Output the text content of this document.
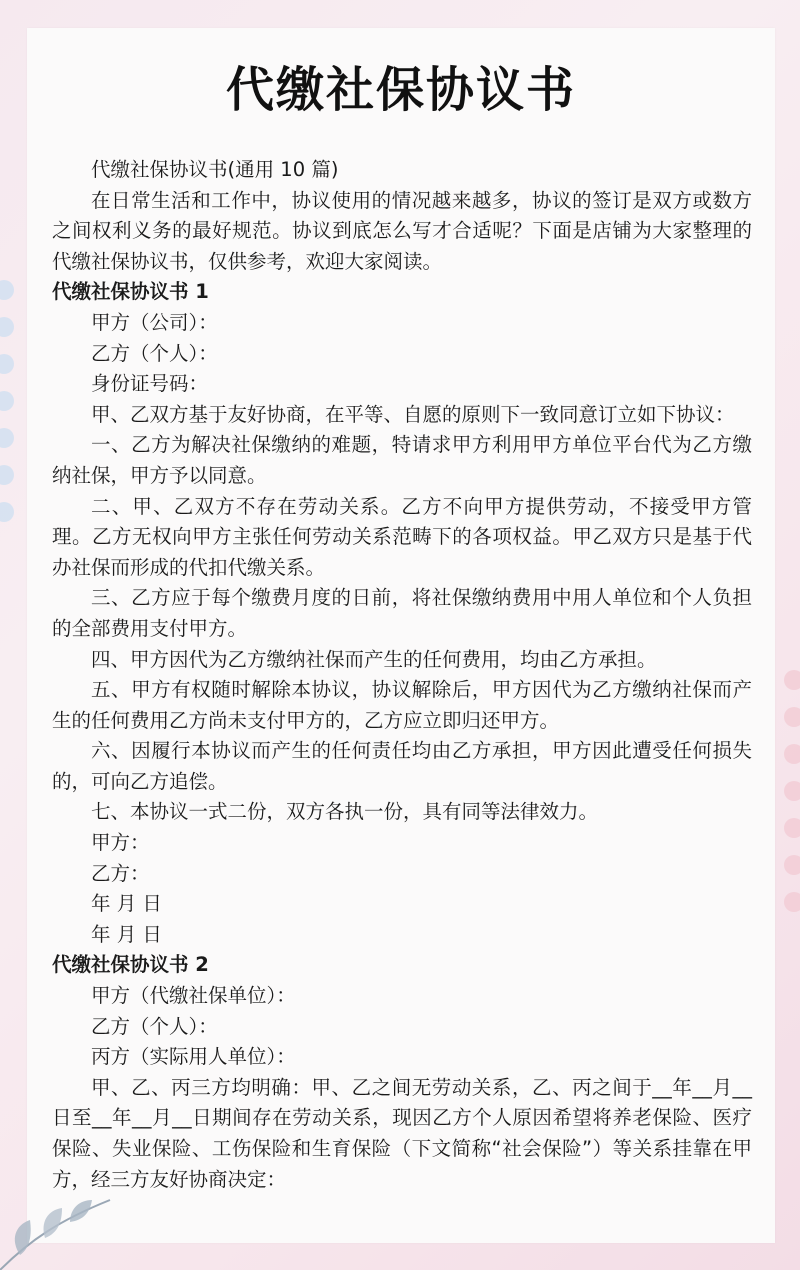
代缴社保协议书

代缴社保协议书(通用 10 篇)

在日常生活和工作中，协议使用的情况越来越多，协议的签订是双方或数方之间权利义务的最好规范。协议到底怎么写才合适呢？下面是店铺为大家整理的代缴社保协议书，仅供参考，欢迎大家阅读。

代缴社保协议书 1

甲方（公司）：

乙方（个人）：

身份证号码：

甲、乙双方基于友好协商，在平等、自愿的原则下一致同意订立如下协议：

一、乙方为解决社保缴纳的难题，特请求甲方利用甲方单位平台代为乙方缴纳社保，甲方予以同意。

二、甲、乙双方不存在劳动关系。乙方不向甲方提供劳动，不接受甲方管理。乙方无权向甲方主张任何劳动关系范畴下的各项权益。甲乙双方只是基于代办社保而形成的代扣代缴关系。

三、乙方应于每个缴费月度的日前，将社保缴纳费用中用人单位和个人负担的全部费用支付甲方。

四、甲方因代为乙方缴纳社保而产生的任何费用，均由乙方承担。

五、甲方有权随时解除本协议，协议解除后，甲方因代为乙方缴纳社保而产生的任何费用乙方尚未支付甲方的，乙方应立即归还甲方。

六、因履行本协议而产生的任何责任均由乙方承担，甲方因此遭受任何损失的，可向乙方追偿。

七、本协议一式二份，双方各执一份，具有同等法律效力。

甲方：

乙方：

年 月 日

年 月 日

代缴社保协议书 2

甲方（代缴社保单位）：

乙方（个人）：

丙方（实际用人单位）：

甲、乙、丙三方均明确：甲、乙之间无劳动关系，乙、丙之间于__年__月__日至__年__月__日期间存在劳动关系，现因乙方个人原因希望将养老保险、医疗保险、失业保险、工伤保险和生育保险（下文简称“社会保险”）等关系挂靠在甲方，经三方友好协商决定：
